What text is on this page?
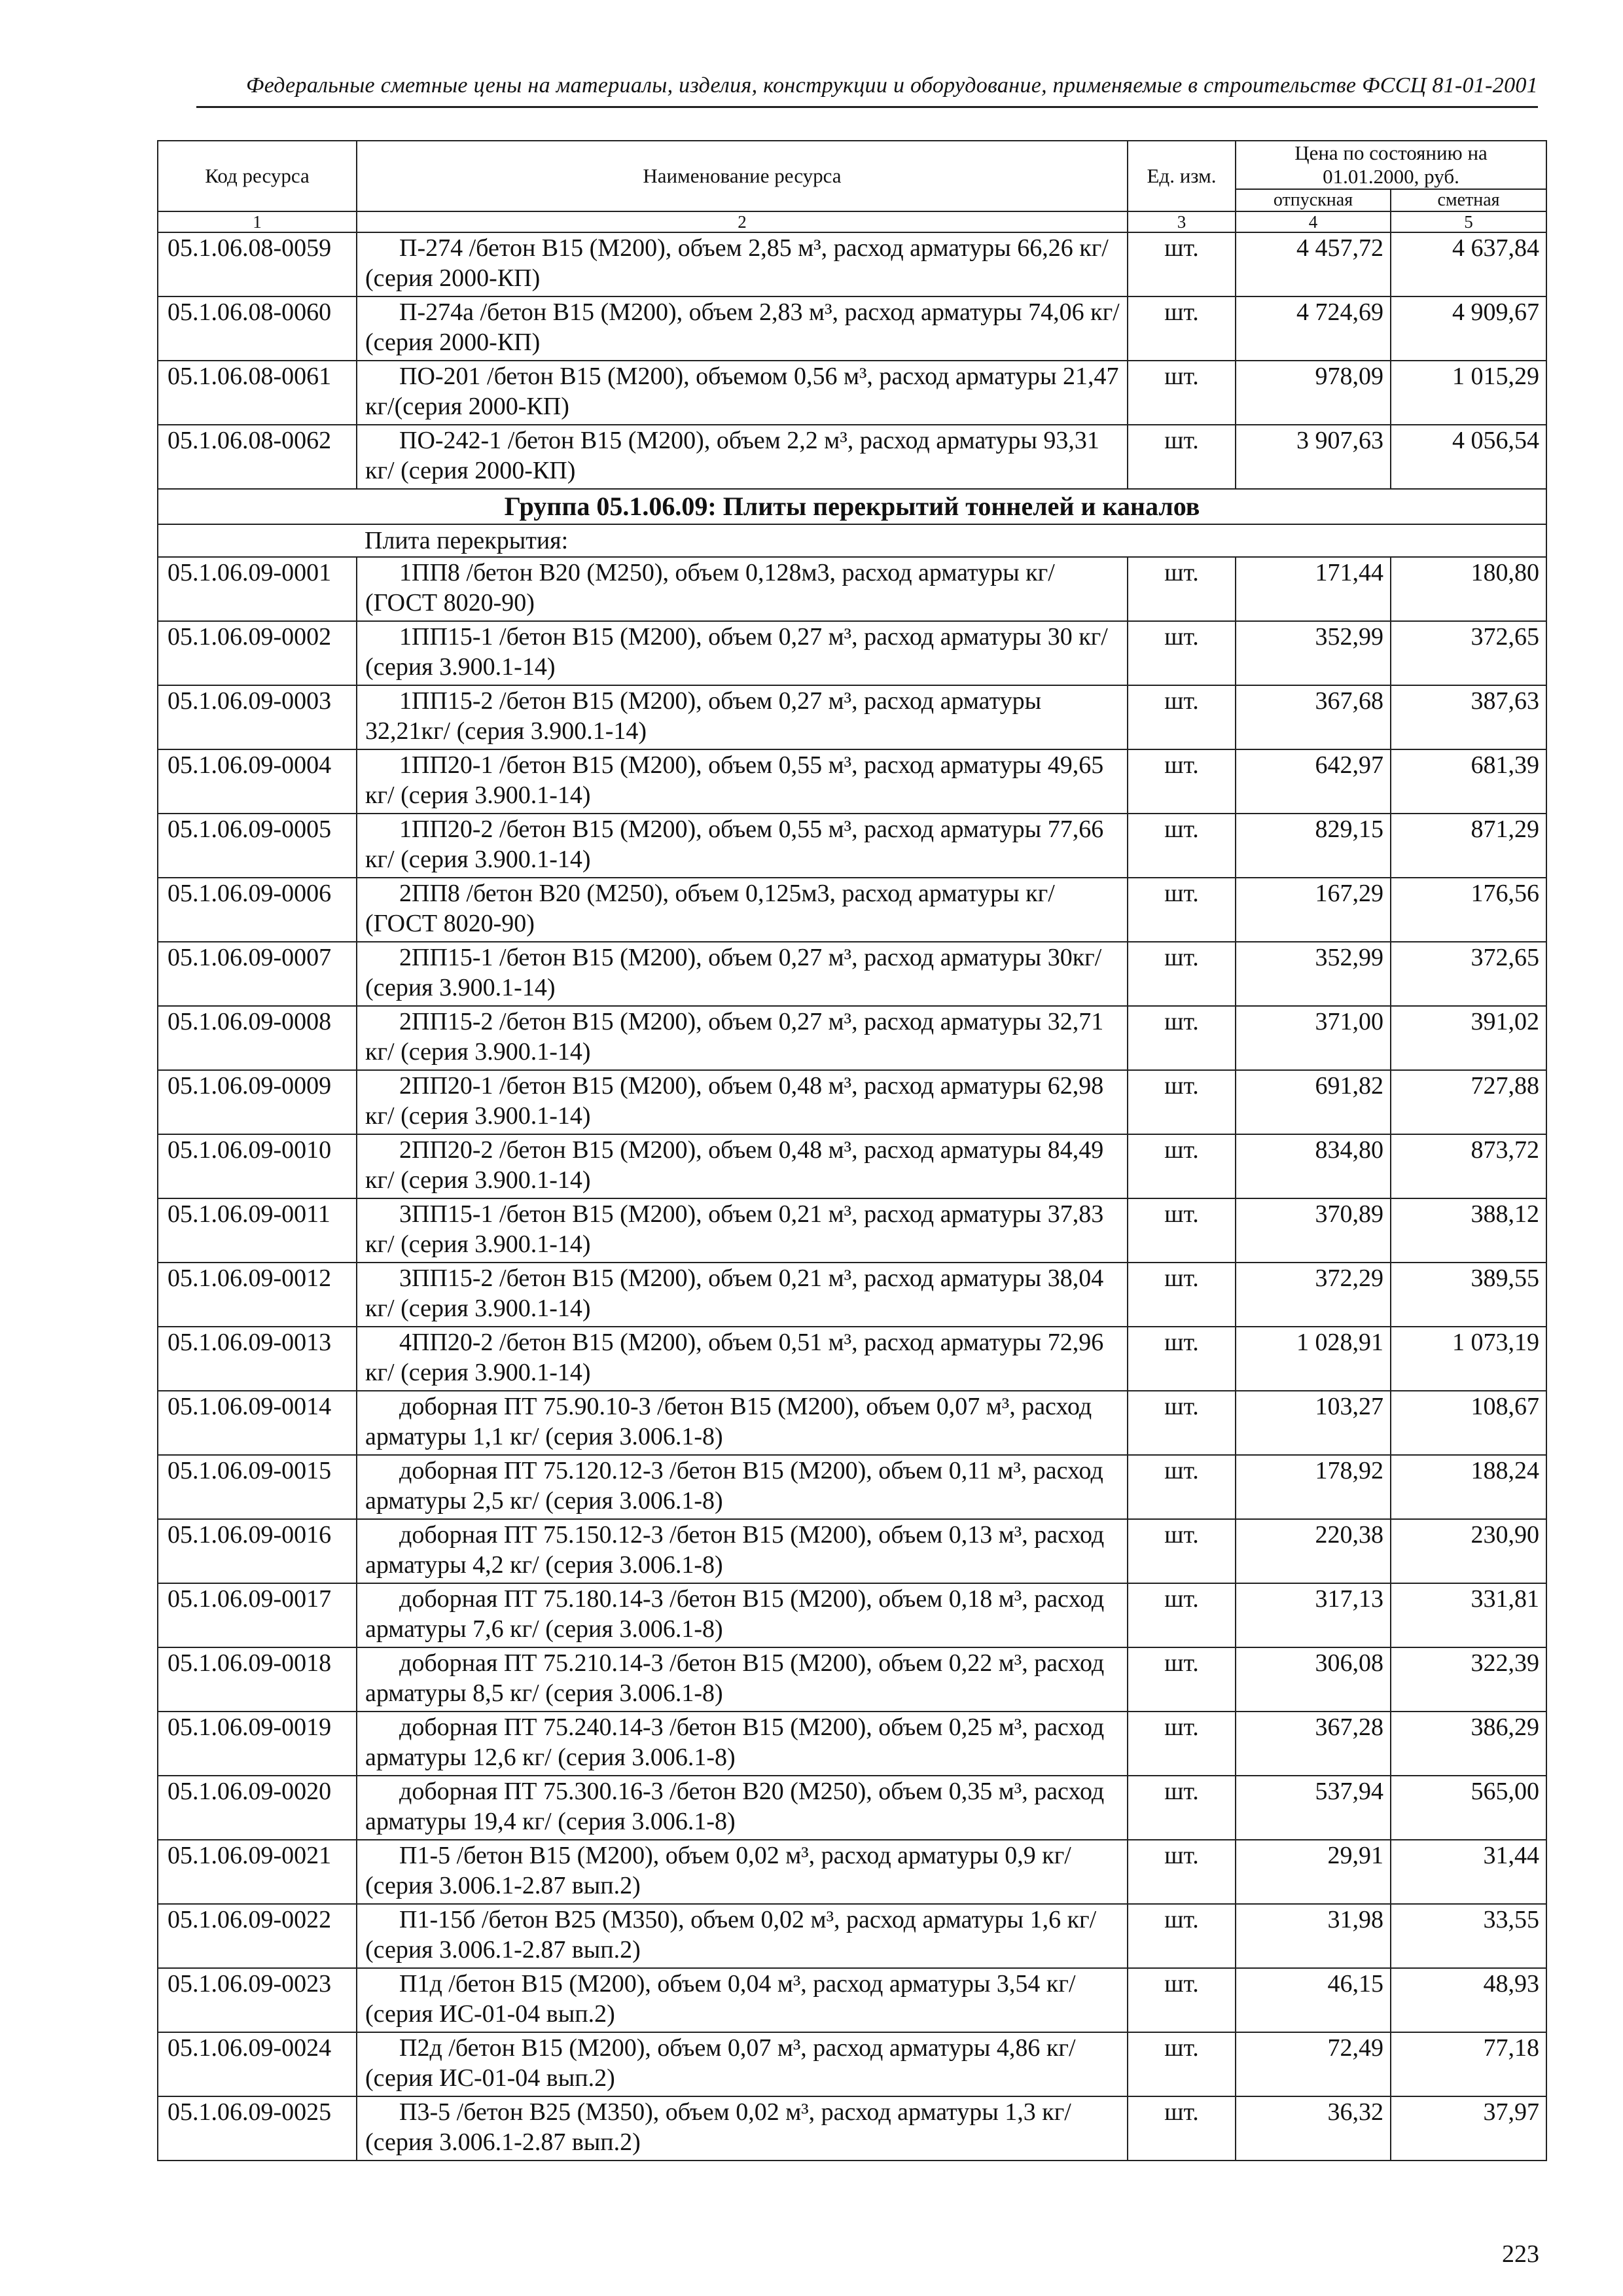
Федеральные сметные цены на материалы, изделия, конструкции и оборудование, применяемые в строительстве ФССЦ 81-01-2001
Код ресурса	Наименование ресурса	Ед. изм.	Цена по состоянию на 01.01.2000, руб.	
			отпускная	сметная
1	2	3	4	5
05.1.06.08-0059	П-274 /бетон В15 (М200), объем 2,85 м³, расход арматуры 66,26 кг/ (серия 2000-КП)	шт.	4 457,72	4 637,84
05.1.06.08-0060	П-274а /бетон В15 (М200), объем 2,83 м³, расход арматуры 74,06 кг/ (серия 2000-КП)	шт.	4 724,69	4 909,67
05.1.06.08-0061	ПО-201 /бетон В15 (М200), объемом 0,56 м³, расход арматуры 21,47 кг/(серия 2000-КП)	шт.	978,09	1 015,29
05.1.06.08-0062	ПО-242-1 /бетон В15 (М200), объем 2,2 м³, расход арматуры 93,31 кг/ (серия 2000-КП)	шт.	3 907,63	4 056,54
Группа 05.1.06.09: Плиты перекрытий тоннелей и каналов				
	Плита перекрытия:			
05.1.06.09-0001	1ПП8 /бетон В20 (М250), объем 0,128м3, расход арматуры кг/ (ГОСТ 8020-90)	шт.	171,44	180,80
05.1.06.09-0002	1ПП15-1 /бетон В15 (М200), объем 0,27 м³, расход арматуры 30 кг/ (серия 3.900.1-14)	шт.	352,99	372,65
05.1.06.09-0003	1ПП15-2 /бетон В15 (М200), объем 0,27 м³, расход арматуры 32,21кг/ (серия 3.900.1-14)	шт.	367,68	387,63
05.1.06.09-0004	1ПП20-1 /бетон В15 (М200), объем 0,55 м³, расход арматуры 49,65 кг/ (серия 3.900.1-14)	шт.	642,97	681,39
05.1.06.09-0005	1ПП20-2 /бетон В15 (М200), объем 0,55 м³, расход арматуры 77,66 кг/ (серия 3.900.1-14)	шт.	829,15	871,29
05.1.06.09-0006	2ПП8 /бетон В20 (М250), объем 0,125м3, расход арматуры кг/ (ГОСТ 8020-90)	шт.	167,29	176,56
05.1.06.09-0007	2ПП15-1 /бетон В15 (М200), объем 0,27 м³, расход арматуры 30кг/ (серия 3.900.1-14)	шт.	352,99	372,65
05.1.06.09-0008	2ПП15-2 /бетон В15 (М200), объем 0,27 м³, расход арматуры 32,71 кг/ (серия 3.900.1-14)	шт.	371,00	391,02
05.1.06.09-0009	2ПП20-1 /бетон В15 (М200), объем 0,48 м³, расход арматуры 62,98 кг/ (серия 3.900.1-14)	шт.	691,82	727,88
05.1.06.09-0010	2ПП20-2 /бетон В15 (М200), объем 0,48 м³, расход арматуры 84,49 кг/ (серия 3.900.1-14)	шт.	834,80	873,72
05.1.06.09-0011	3ПП15-1 /бетон В15 (М200), объем 0,21 м³, расход арматуры 37,83 кг/ (серия 3.900.1-14)	шт.	370,89	388,12
05.1.06.09-0012	3ПП15-2 /бетон В15 (М200), объем 0,21 м³, расход арматуры 38,04 кг/ (серия 3.900.1-14)	шт.	372,29	389,55
05.1.06.09-0013	4ПП20-2 /бетон В15 (М200), объем 0,51 м³, расход арматуры 72,96 кг/ (серия 3.900.1-14)	шт.	1 028,91	1 073,19
05.1.06.09-0014	доборная ПТ 75.90.10-3 /бетон В15 (М200), объем 0,07 м³, расход арматуры 1,1 кг/ (серия 3.006.1-8)	шт.	103,27	108,67
05.1.06.09-0015	доборная ПТ 75.120.12-3 /бетон В15 (М200), объем 0,11 м³, расход арматуры 2,5 кг/ (серия 3.006.1-8)	шт.	178,92	188,24
05.1.06.09-0016	доборная ПТ 75.150.12-3 /бетон В15 (М200), объем 0,13 м³, расход арматуры 4,2 кг/ (серия 3.006.1-8)	шт.	220,38	230,90
05.1.06.09-0017	доборная ПТ 75.180.14-3 /бетон В15 (М200), объем 0,18 м³, расход арматуры 7,6 кг/ (серия 3.006.1-8)	шт.	317,13	331,81
05.1.06.09-0018	доборная ПТ 75.210.14-3 /бетон В15 (М200), объем 0,22 м³, расход арматуры 8,5 кг/ (серия 3.006.1-8)	шт.	306,08	322,39
05.1.06.09-0019	доборная ПТ 75.240.14-3 /бетон В15 (М200), объем 0,25 м³, расход арматуры 12,6 кг/ (серия 3.006.1-8)	шт.	367,28	386,29
05.1.06.09-0020	доборная ПТ 75.300.16-3 /бетон В20 (М250), объем 0,35 м³, расход арматуры 19,4 кг/ (серия 3.006.1-8)	шт.	537,94	565,00
05.1.06.09-0021	П1-5 /бетон В15 (М200), объем 0,02 м³, расход арматуры 0,9 кг/ (серия 3.006.1-2.87 вып.2)	шт.	29,91	31,44
05.1.06.09-0022	П1-15б /бетон В25 (М350), объем 0,02 м³, расход арматуры 1,6 кг/ (серия 3.006.1-2.87 вып.2)	шт.	31,98	33,55
05.1.06.09-0023	П1д /бетон В15 (М200), объем 0,04 м³, расход арматуры 3,54 кг/ (серия ИС-01-04 вып.2)	шт.	46,15	48,93
05.1.06.09-0024	П2д /бетон В15 (М200), объем 0,07 м³, расход арматуры 4,86 кг/ (серия ИС-01-04 вып.2)	шт.	72,49	77,18
05.1.06.09-0025	П3-5 /бетон В25 (М350), объем 0,02 м³, расход арматуры 1,3 кг/ (серия 3.006.1-2.87 вып.2)	шт.	36,32	37,97
223
